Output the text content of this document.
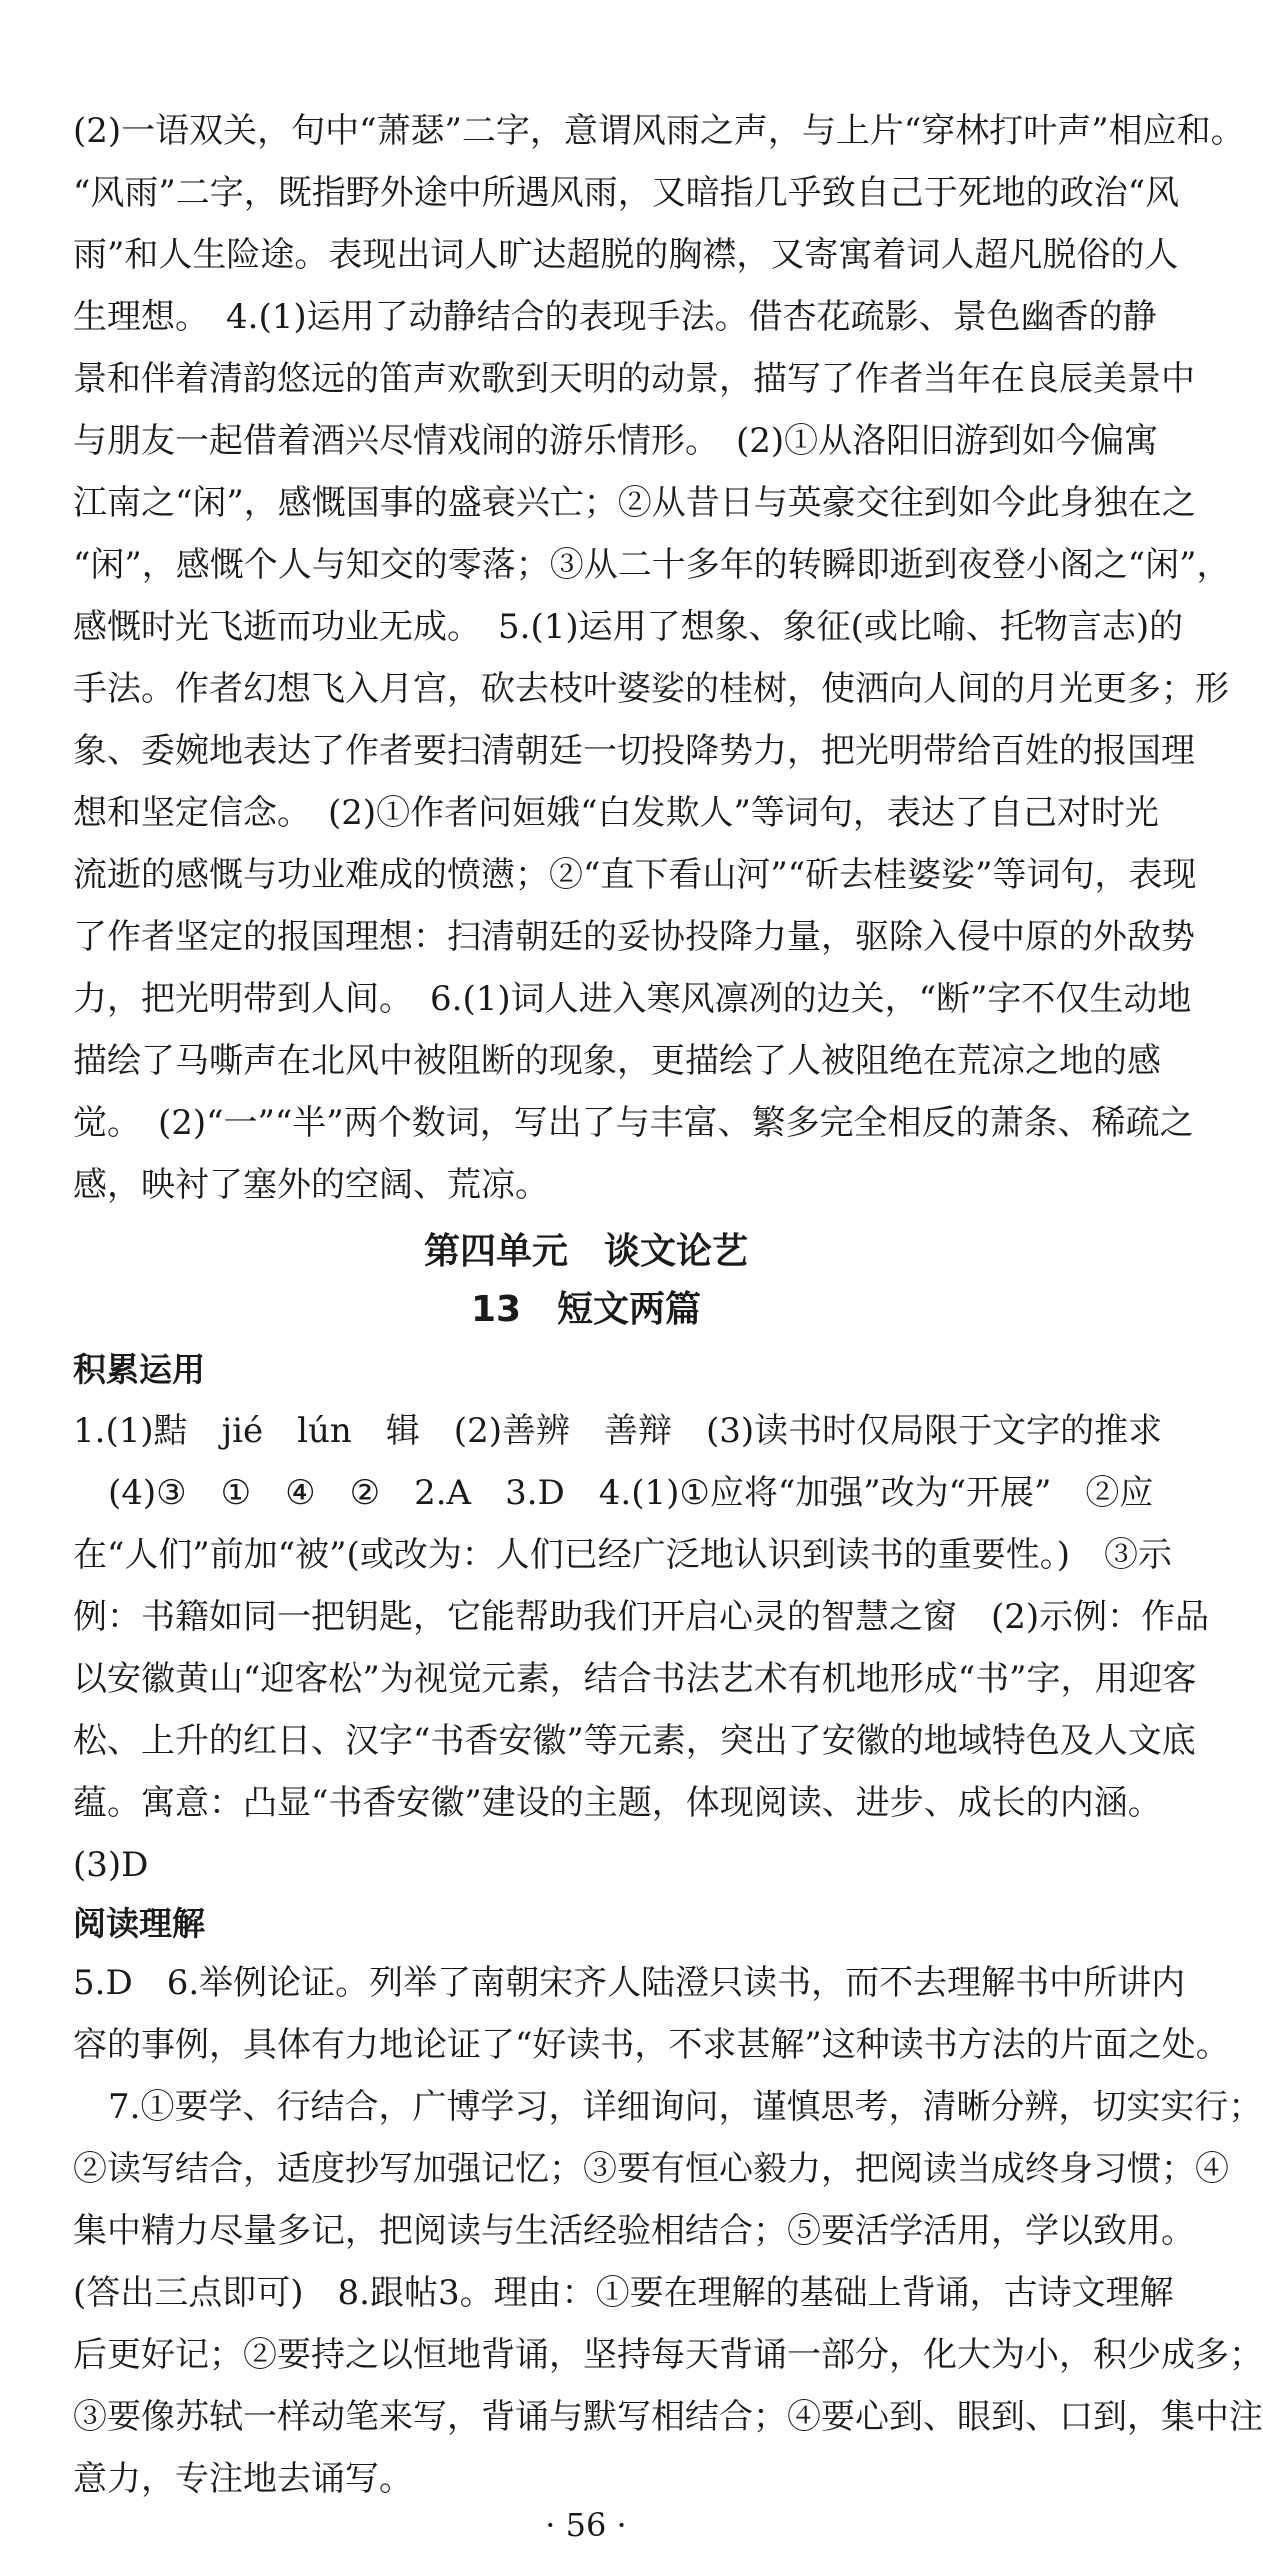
(2)一语双关，句中“萧瑟”二字，意谓风雨之声，与上片“穿林打叶声”相应和。
“风雨”二字，既指野外途中所遇风雨，又暗指几乎致自己于死地的政治“风
雨”和人生险途。表现出词人旷达超脱的胸襟，又寄寓着词人超凡脱俗的人
生理想。　4.(1)运用了动静结合的表现手法。借杏花疏影、景色幽香的静
景和伴着清韵悠远的笛声欢歌到天明的动景，描写了作者当年在良辰美景中
与朋友一起借着酒兴尽情戏闹的游乐情形。　(2)①从洛阳旧游到如今偏寓
江南之“闲”，感慨国事的盛衰兴亡；②从昔日与英豪交往到如今此身独在之
“闲”，感慨个人与知交的零落；③从二十多年的转瞬即逝到夜登小阁之“闲”，
感慨时光飞逝而功业无成。　5.(1)运用了想象、象征(或比喻、托物言志)的
手法。作者幻想飞入月宫，砍去枝叶婆娑的桂树，使洒向人间的月光更多；形
象、委婉地表达了作者要扫清朝廷一切投降势力，把光明带给百姓的报国理
想和坚定信念。　(2)①作者问姮娥“白发欺人”等词句，表达了自己对时光
流逝的感慨与功业难成的愤懑；②“直下看山河”“斫去桂婆娑”等词句，表现
了作者坚定的报国理想：扫清朝廷的妥协投降力量，驱除入侵中原的外敌势
力，把光明带到人间。　6.(1)词人进入寒风凛冽的边关，“断”字不仅生动地
描绘了马嘶声在北风中被阻断的现象，更描绘了人被阻绝在荒凉之地的感
觉。　(2)“一”“半”两个数词，写出了与丰富、繁多完全相反的萧条、稀疏之
感，映衬了塞外的空阔、荒凉。
第四单元　谈文论艺
13　短文两篇
积累运用
1.(1)黠　jié　lún　辑　(2)善辨　善辩　(3)读书时仅局限于文字的推求
(4)③　①　④　②　2.A　3.D　4.(1)①应将“加强”改为“开展”　②应
在“人们”前加“被”(或改为：人们已经广泛地认识到读书的重要性。)　③示
例：书籍如同一把钥匙，它能帮助我们开启心灵的智慧之窗　(2)示例：作品
以安徽黄山“迎客松”为视觉元素，结合书法艺术有机地形成“书”字，用迎客
松、上升的红日、汉字“书香安徽”等元素，突出了安徽的地域特色及人文底
蕴。寓意：凸显“书香安徽”建设的主题，体现阅读、进步、成长的内涵。
(3)D
阅读理解
5.D　6.举例论证。列举了南朝宋齐人陆澄只读书，而不去理解书中所讲内
容的事例，具体有力地论证了“好读书，不求甚解”这种读书方法的片面之处。
7.①要学、行结合，广博学习，详细询问，谨慎思考，清晰分辨，切实实行；
②读写结合，适度抄写加强记忆；③要有恒心毅力，把阅读当成终身习惯；④
集中精力尽量多记，把阅读与生活经验相结合；⑤要活学活用，学以致用。
(答出三点即可)　8.跟帖3。理由：①要在理解的基础上背诵，古诗文理解
后更好记；②要持之以恒地背诵，坚持每天背诵一部分，化大为小，积少成多；
③要像苏轼一样动笔来写，背诵与默写相结合；④要心到、眼到、口到，集中注
意力，专注地去诵写。
· 56 ·
